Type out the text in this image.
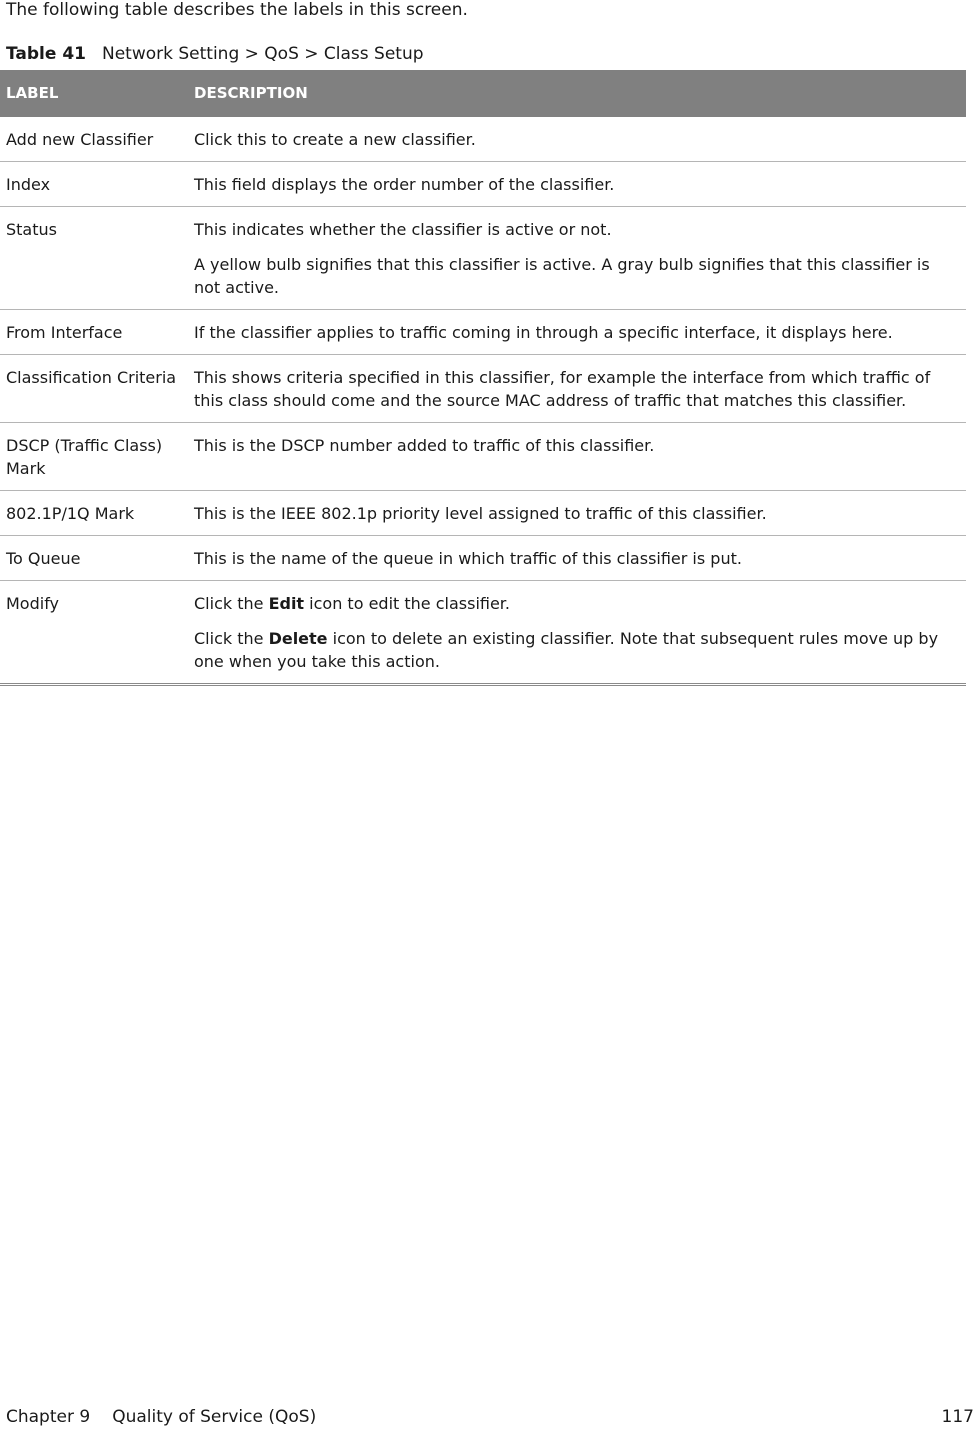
The following table describes the labels in this screen.

Table 41 Network Setting > QoS > Class Setup

LABEL	DESCRIPTION
Add new Classifier	Click this to create a new classifier.

Index	This field displays the order number of the classifier.

Status	This indicates whether the classifier is active or not.

A yellow bulb signifies that this classifier is active. A gray bulb signifies that this classifier is not active.

From Interface	If the classifier applies to traffic coming in through a specific interface, it displays here.

Classification Criteria	This shows criteria specified in this classifier, for example the interface from which traffic of this class should come and the source MAC address of traffic that matches this classifier.

DSCP (Traffic Class) Mark	This is the DSCP number added to traffic of this classifier.

802.1P/1Q Mark	This is the IEEE 802.1p priority level assigned to traffic of this classifier.

To Queue	This is the name of the queue in which traffic of this classifier is put.

Modify	Click the Edit icon to edit the classifier.

Click the Delete icon to delete an existing classifier. Note that subsequent rules move up by one when you take this action.

Chapter 9 Quality of Service (QoS)	117
